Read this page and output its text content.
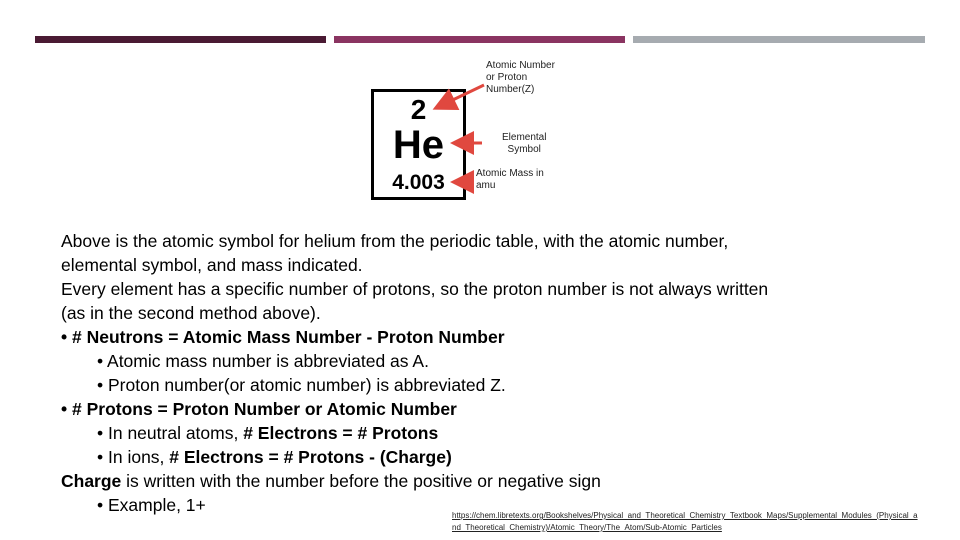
2
He
4.003
Atomic Number
or Proton
Number(Z)
Elemental
Symbol
Atomic Mass in
amu
Above is the atomic symbol for helium from the periodic table, with the atomic number,
elemental symbol, and mass indicated.
Every element has a specific number of protons, so the proton number is not always written
(as in the second method above).
• # Neutrons = Atomic Mass Number - Proton Number
• Atomic mass number is abbreviated as A.
• Proton number(or atomic number) is abbreviated Z.
• # Protons = Proton Number or Atomic Number
• In neutral atoms, # Electrons = # Protons
• In ions, # Electrons = # Protons - (Charge)
Charge is written with the number before the positive or negative sign
• Example, 1+
https://chem.libretexts.org/Bookshelves/Physical_and_Theoretical_Chemistry_Textbook_Maps/Supplemental_Modules_(Physical_and_Theoretical_Chemistry)/Atomic_Theory/The_Atom/Sub-Atomic_Particles
